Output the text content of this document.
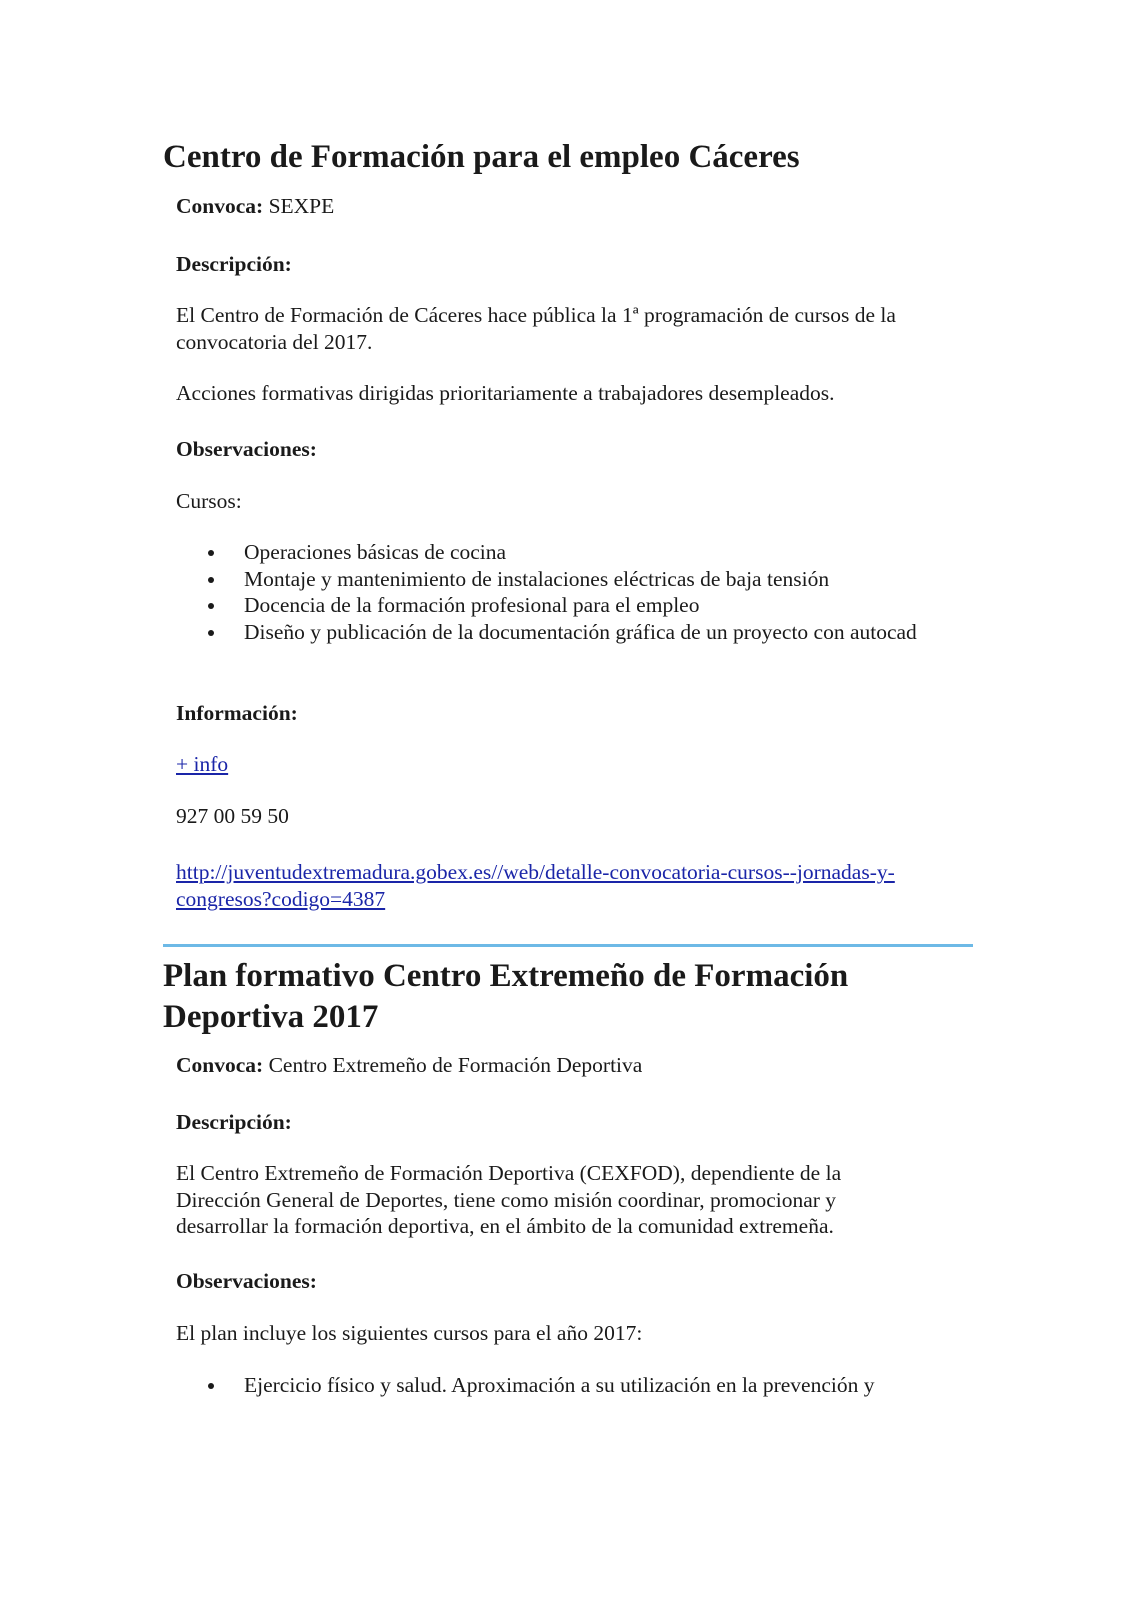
Centro de Formación para el empleo Cáceres

Convoca: SEXPE

Descripción:

El Centro de Formación de Cáceres hace pública la 1ª programación de cursos de la
convocatoria del 2017.

Acciones formativas dirigidas prioritariamente a trabajadores desempleados.

Observaciones:

Cursos:

Operaciones básicas de cocina
Montaje y mantenimiento de instalaciones eléctricas de baja tensión
Docencia de la formación profesional para el empleo
Diseño y publicación de la documentación gráfica de un proyecto con autocad

Información:

+ info

927 00 59 50

http://juventudextremadura.gobex.es//web/detalle-convocatoria-cursos--jornadas-y-
congresos?codigo=4387

Plan formativo Centro Extremeño de Formación
Deportiva 2017

Convoca: Centro Extremeño de Formación Deportiva

Descripción:

El Centro Extremeño de Formación Deportiva (CEXFOD), dependiente de la
Dirección General de Deportes, tiene como misión coordinar, promocionar y
desarrollar la formación deportiva, en el ámbito de la comunidad extremeña.

Observaciones:

El plan incluye los siguientes cursos para el año 2017:

Ejercicio físico y salud. Aproximación a su utilización en la prevención y
